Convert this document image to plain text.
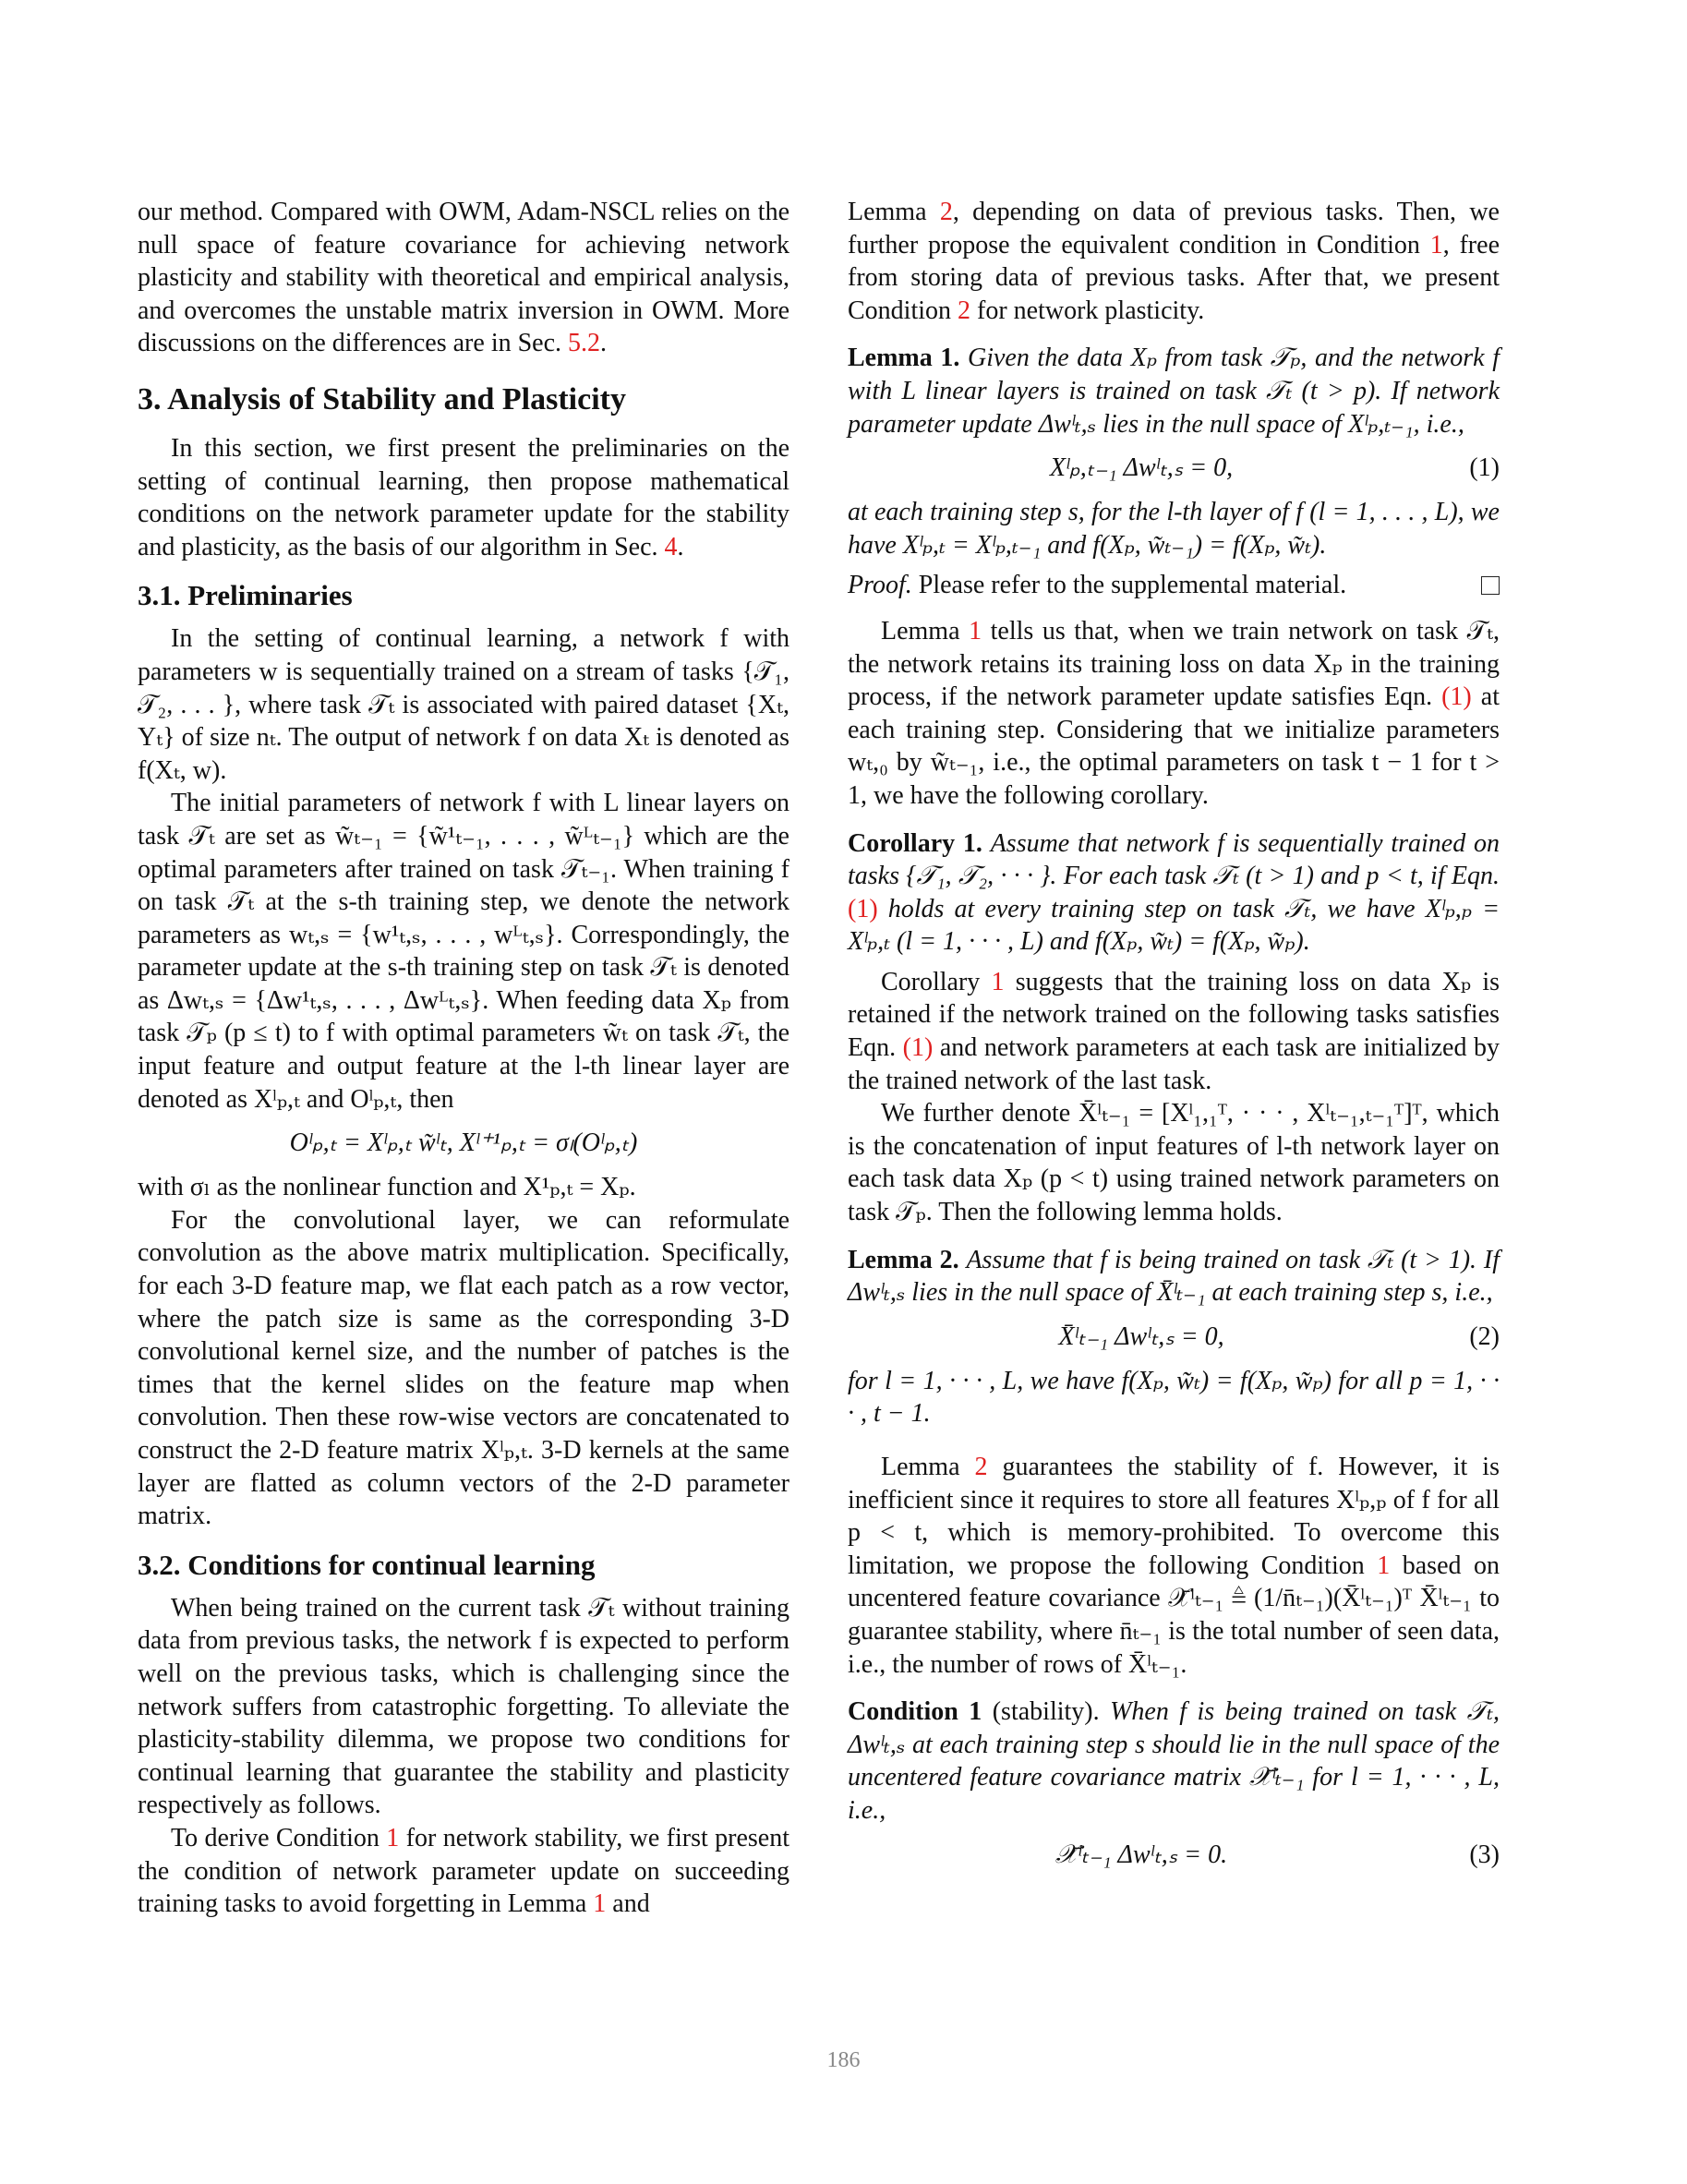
our method. Compared with OWM, Adam-NSCL relies on the null space of feature covariance for achieving network plasticity and stability with theoretical and empirical analysis, and overcomes the unstable matrix inversion in OWM. More discussions on the differences are in Sec. 5.2.

3. Analysis of Stability and Plasticity

In this section, we first present the preliminaries on the setting of continual learning, then propose mathematical conditions on the network parameter update for the stability and plasticity, as the basis of our algorithm in Sec. 4.

3.1. Preliminaries

In the setting of continual learning, a network f with parameters w is sequentially trained on a stream of tasks {𝒯₁, 𝒯₂, . . . }, where task 𝒯ₜ is associated with paired dataset {Xₜ, Yₜ} of size nₜ. The output of network f on data Xₜ is denoted as f(Xₜ, w).

The initial parameters of network f with L linear layers on task 𝒯ₜ are set as w̃ₜ₋₁ = {w̃¹ₜ₋₁, . . . , w̃ᴸₜ₋₁} which are the optimal parameters after trained on task 𝒯ₜ₋₁. When training f on task 𝒯ₜ at the s-th training step, we denote the network parameters as wₜ,ₛ = {w¹ₜ,ₛ, . . . , wᴸₜ,ₛ}. Correspondingly, the parameter update at the s-th training step on task 𝒯ₜ is denoted as Δwₜ,ₛ = {Δw¹ₜ,ₛ, . . . , Δwᴸₜ,ₛ}. When feeding data Xₚ from task 𝒯ₚ (p ≤ t) to f with optimal parameters w̃ₜ on task 𝒯ₜ, the input feature and output feature at the l-th linear layer are denoted as Xˡₚ,ₜ and Oˡₚ,ₜ, then

Oˡₚ,ₜ = Xˡₚ,ₜ w̃ˡₜ, Xˡ⁺¹ₚ,ₜ = σₗ(Oˡₚ,ₜ)

with σₗ as the nonlinear function and X¹ₚ,ₜ = Xₚ.

For the convolutional layer, we can reformulate convolution as the above matrix multiplication. Specifically, for each 3-D feature map, we flat each patch as a row vector, where the patch size is same as the corresponding 3-D convolutional kernel size, and the number of patches is the times that the kernel slides on the feature map when convolution. Then these row-wise vectors are concatenated to construct the 2-D feature matrix Xˡₚ,ₜ. 3-D kernels at the same layer are flatted as column vectors of the 2-D parameter matrix.

3.2. Conditions for continual learning

When being trained on the current task 𝒯ₜ without training data from previous tasks, the network f is expected to perform well on the previous tasks, which is challenging since the network suffers from catastrophic forgetting. To alleviate the plasticity-stability dilemma, we propose two conditions for continual learning that guarantee the stability and plasticity respectively as follows.

To derive Condition 1 for network stability, we first present the condition of network parameter update on succeeding training tasks to avoid forgetting in Lemma 1 and

Lemma 2, depending on data of previous tasks. Then, we further propose the equivalent condition in Condition 1, free from storing data of previous tasks. After that, we present Condition 2 for network plasticity.

Lemma 1. Given the data Xₚ from task 𝒯ₚ, and the network f with L linear layers is trained on task 𝒯ₜ (t > p). If network parameter update Δwˡₜ,ₛ lies in the null space of Xˡₚ,ₜ₋₁, i.e.,

Xˡₚ,ₜ₋₁ Δwˡₜ,ₛ = 0,	(1)

at each training step s, for the l-th layer of f (l = 1, . . . , L), we have Xˡₚ,ₜ = Xˡₚ,ₜ₋₁ and f(Xₚ, w̃ₜ₋₁) = f(Xₚ, w̃ₜ).

Proof. Please refer to the supplemental material.

Lemma 1 tells us that, when we train network on task 𝒯ₜ, the network retains its training loss on data Xₚ in the training process, if the network parameter update satisfies Eqn. (1) at each training step. Considering that we initialize parameters wₜ,₀ by w̃ₜ₋₁, i.e., the optimal parameters on task t − 1 for t > 1, we have the following corollary.

Corollary 1. Assume that network f is sequentially trained on tasks {𝒯₁, 𝒯₂, · · · }. For each task 𝒯ₜ (t > 1) and p < t, if Eqn. (1) holds at every training step on task 𝒯ₜ, we have Xˡₚ,ₚ = Xˡₚ,ₜ (l = 1, · · · , L) and f(Xₚ, w̃ₜ) = f(Xₚ, w̃ₚ).

Corollary 1 suggests that the training loss on data Xₚ is retained if the network trained on the following tasks satisfies Eqn. (1) and network parameters at each task are initialized by the trained network of the last task.

We further denote X̄ˡₜ₋₁ = [Xˡ₁,₁ᵀ, · · · , Xˡₜ₋₁,ₜ₋₁ᵀ]ᵀ, which is the concatenation of input features of l-th network layer on each task data Xₚ (p < t) using trained network parameters on task 𝒯ₚ. Then the following lemma holds.

Lemma 2. Assume that f is being trained on task 𝒯ₜ (t > 1). If Δwˡₜ,ₛ lies in the null space of X̄ˡₜ₋₁ at each training step s, i.e.,

X̄ˡₜ₋₁ Δwˡₜ,ₛ = 0,	(2)

for l = 1, · · · , L, we have f(Xₚ, w̃ₜ) = f(Xₚ, w̃ₚ) for all p = 1, · · · , t − 1.

Lemma 2 guarantees the stability of f. However, it is inefficient since it requires to store all features Xˡₚ,ₚ of f for all p < t, which is memory-prohibited. To overcome this limitation, we propose the following Condition 1 based on uncentered feature covariance 𝒳̄ˡₜ₋₁ ≜ (1/n̄ₜ₋₁)(X̄ˡₜ₋₁)ᵀ X̄ˡₜ₋₁ to guarantee stability, where n̄ₜ₋₁ is the total number of seen data, i.e., the number of rows of X̄ˡₜ₋₁.

Condition 1 (stability). When f is being trained on task 𝒯ₜ, Δwˡₜ,ₛ at each training step s should lie in the null space of the uncentered feature covariance matrix 𝒳̄ˡₜ₋₁ for l = 1, · · · , L, i.e.,

𝒳̄ˡₜ₋₁ Δwˡₜ,ₛ = 0.	(3)
186
